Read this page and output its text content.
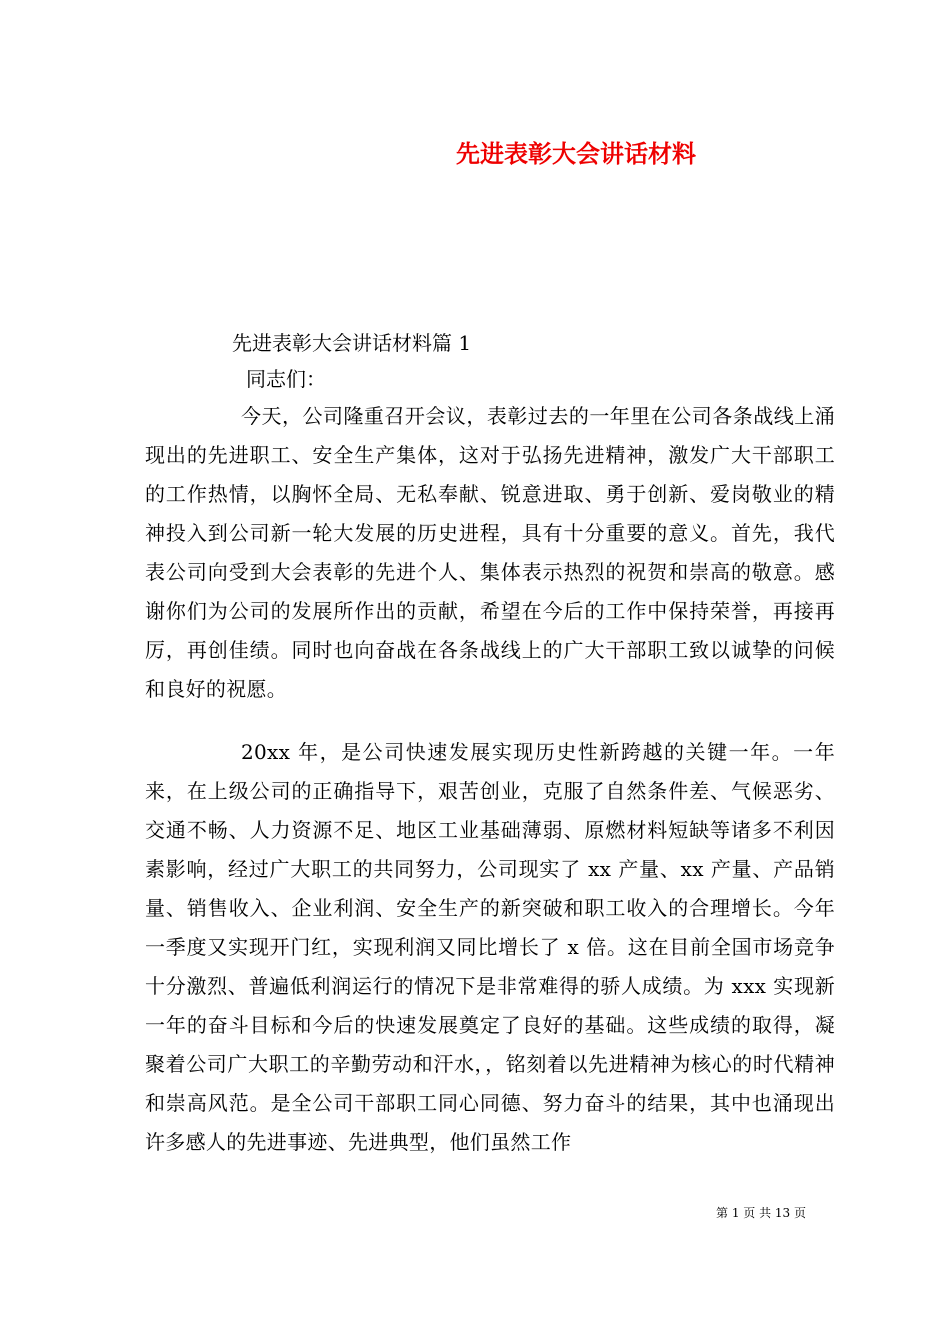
先进表彰大会讲话材料

先进表彰大会讲话材料篇 1

同志们：

今天，公司隆重召开会议，表彰过去的一年里在公司各条战线上涌现出的先进职工、安全生产集体，这对于弘扬先进精神，激发广大干部职工的工作热情，以胸怀全局、无私奉献、锐意进取、勇于创新、爱岗敬业的精神投入到公司新一轮大发展的历史进程，具有十分重要的意义。首先，我代表公司向受到大会表彰的先进个人、集体表示热烈的祝贺和崇高的敬意。感谢你们为公司的发展所作出的贡献，希望在今后的工作中保持荣誉，再接再厉，再创佳绩。同时也向奋战在各条战线上的广大干部职工致以诚挚的问候和良好的祝愿。

20xx 年，是公司快速发展实现历史性新跨越的关键一年。一年来，在上级公司的正确指导下，艰苦创业，克服了自然条件差、气候恶劣、交通不畅、人力资源不足、地区工业基础薄弱、原燃材料短缺等诸多不利因素影响，经过广大职工的共同努力，公司现实了 xx 产量、xx 产量、产品销量、销售收入、企业利润、安全生产的新突破和职工收入的合理增长。今年一季度又实现开门红，实现利润又同比增长了 x 倍。这在目前全国市场竞争十分激烈、普遍低利润运行的情况下是非常难得的骄人成绩。为 xxx 实现新一年的奋斗目标和今后的快速发展奠定了良好的基础。这些成绩的取得，凝聚着公司广大职工的辛勤劳动和汗水，，铭刻着以先进精神为核心的时代精神和崇高风范。是全公司干部职工同心同德、努力奋斗的结果，其中也涌现出许多感人的先进事迹、先进典型，他们虽然工作

第 1 页 共 13 页
